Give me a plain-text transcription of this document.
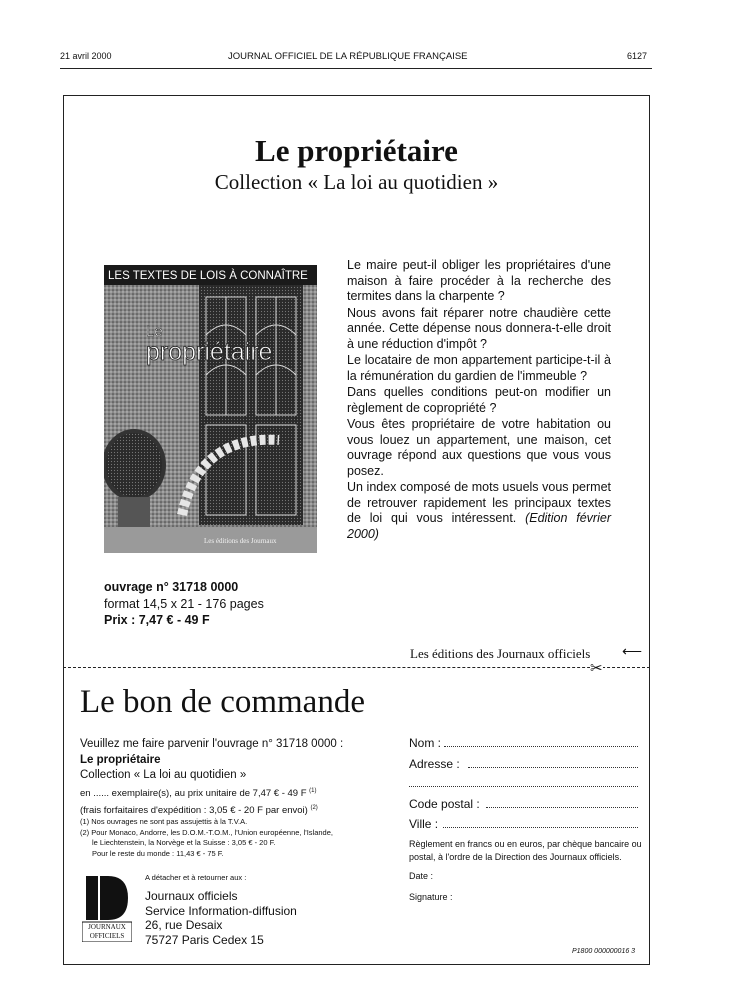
21 avril 2000	JOURNAL OFFICIEL DE LA RÉPUBLIQUE FRANÇAISE	6127
Le propriétaire
Collection « La loi au quotidien »
Les éditions des Journaux
LES TEXTES DE LOIS À CONNAÎTRE
Le
propriétaire

Le maire peut-il obliger les propriétaires d'une maison à faire procéder à la recherche des termites dans la charpente ?

Nous avons fait réparer notre chaudière cette année. Cette dépense nous donnera-t-elle droit à une réduction d'impôt ?

Le locataire de mon appartement participe-t-il à la rémunération du gardien de l'immeuble ?

Dans quelles conditions peut-on modifier un règlement de copropriété ?

Vous êtes propriétaire de votre habitation ou vous louez un appartement, une maison, cet ouvrage répond aux questions que vous vous posez.

Un index composé de mots usuels vous permet de retrouver rapidement les principaux textes de loi qui vous intéressent. (Edition février 2000)

ouvrage n° 31718 0000
format 14,5 x 21 - 176 pages
Prix : 7,47 € - 49 F
Les éditions des Journaux officiels ⟵
✂
Le bon de commande
Veuillez me faire parvenir l'ouvrage n° 31718 0000 :
Le propriétaire
Collection « La loi au quotidien »
en ...... exemplaire(s), au prix unitaire de 7,47 € - 49 F $^{(1)}$
(frais forfaitaires d'expédition : 3,05 € - 20 F par envoi) $^{(2)}$
(1) Nos ouvrages ne sont pas assujettis à la T.V.A.
(2) Pour Monaco, Andorre, les D.O.M.-T.O.M., l'Union européenne, l'Islande,
le Liechtenstein, la Norvège et la Suisse : 3,05 € - 20 F.
Pour le reste du monde : 11,43 € - 75 F.
JOURNAUX
OFFICIELS
A détacher et à retourner aux :
Journaux officiels
Service Information-diffusion
26, rue Desaix
75727 Paris Cedex 15
Nom :
Adresse :
Code postal :
Ville :
Règlement en francs ou en euros, par chèque bancaire ou postal, à l'ordre de la Direction des Journaux officiels.
Date :
Signature :
P1800 000000016 3
